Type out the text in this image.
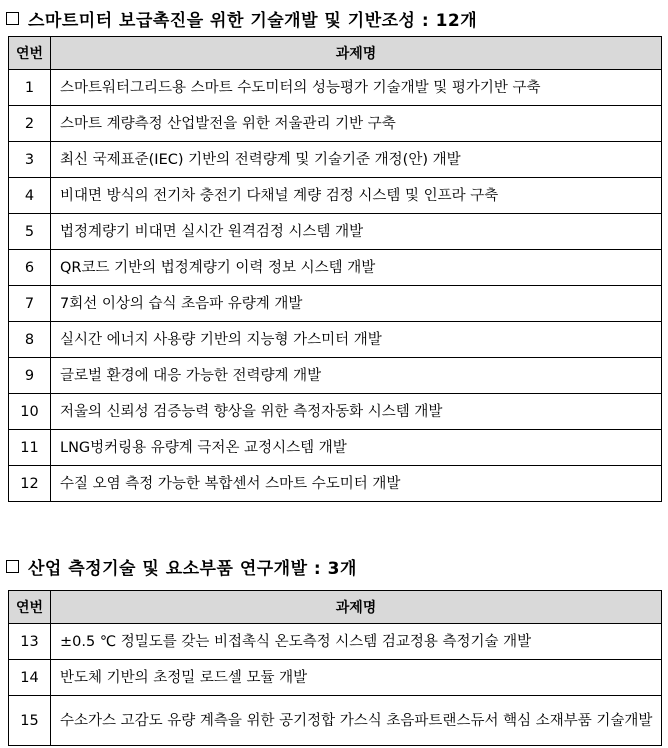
스마트미터 보급촉진을 위한 기술개발 및 기반조성 : 12개
연번	과제명
1	스마트워터그리드용 스마트 수도미터의 성능평가 기술개발 및 평가기반 구축
2	스마트 계량측정 산업발전을 위한 저울관리 기반 구축
3	최신 국제표준(IEC) 기반의 전력량계 및 기술기준 개정(안) 개발
4	비대면 방식의 전기차 충전기 다채널 계량 검정 시스템 및 인프라 구축
5	법정계량기 비대면 실시간 원격검정 시스템 개발
6	QR코드 기반의 법정계량기 이력 정보 시스템 개발
7	7회선 이상의 습식 초음파 유량계 개발
8	실시간 에너지 사용량 기반의 지능형 가스미터 개발
9	글로벌 환경에 대응 가능한 전력량계 개발
10	저울의 신뢰성 검증능력 향상을 위한 측정자동화 시스템 개발
11	LNG벙커링용 유량계 극저온 교정시스템 개발
12	수질 오염 측정 가능한 복합센서 스마트 수도미터 개발
산업 측정기술 및 요소부품 연구개발 : 3개
연번	과제명
13	±0.5 ℃ 정밀도를 갖는 비접촉식 온도측정 시스템 검교정용 측정기술 개발
14	반도체 기반의 초정밀 로드셀 모듈 개발
15	수소가스 고감도 유량 계측을 위한 공기정합 가스식 초음파트랜스듀서 핵심 소재부품 기술개발
